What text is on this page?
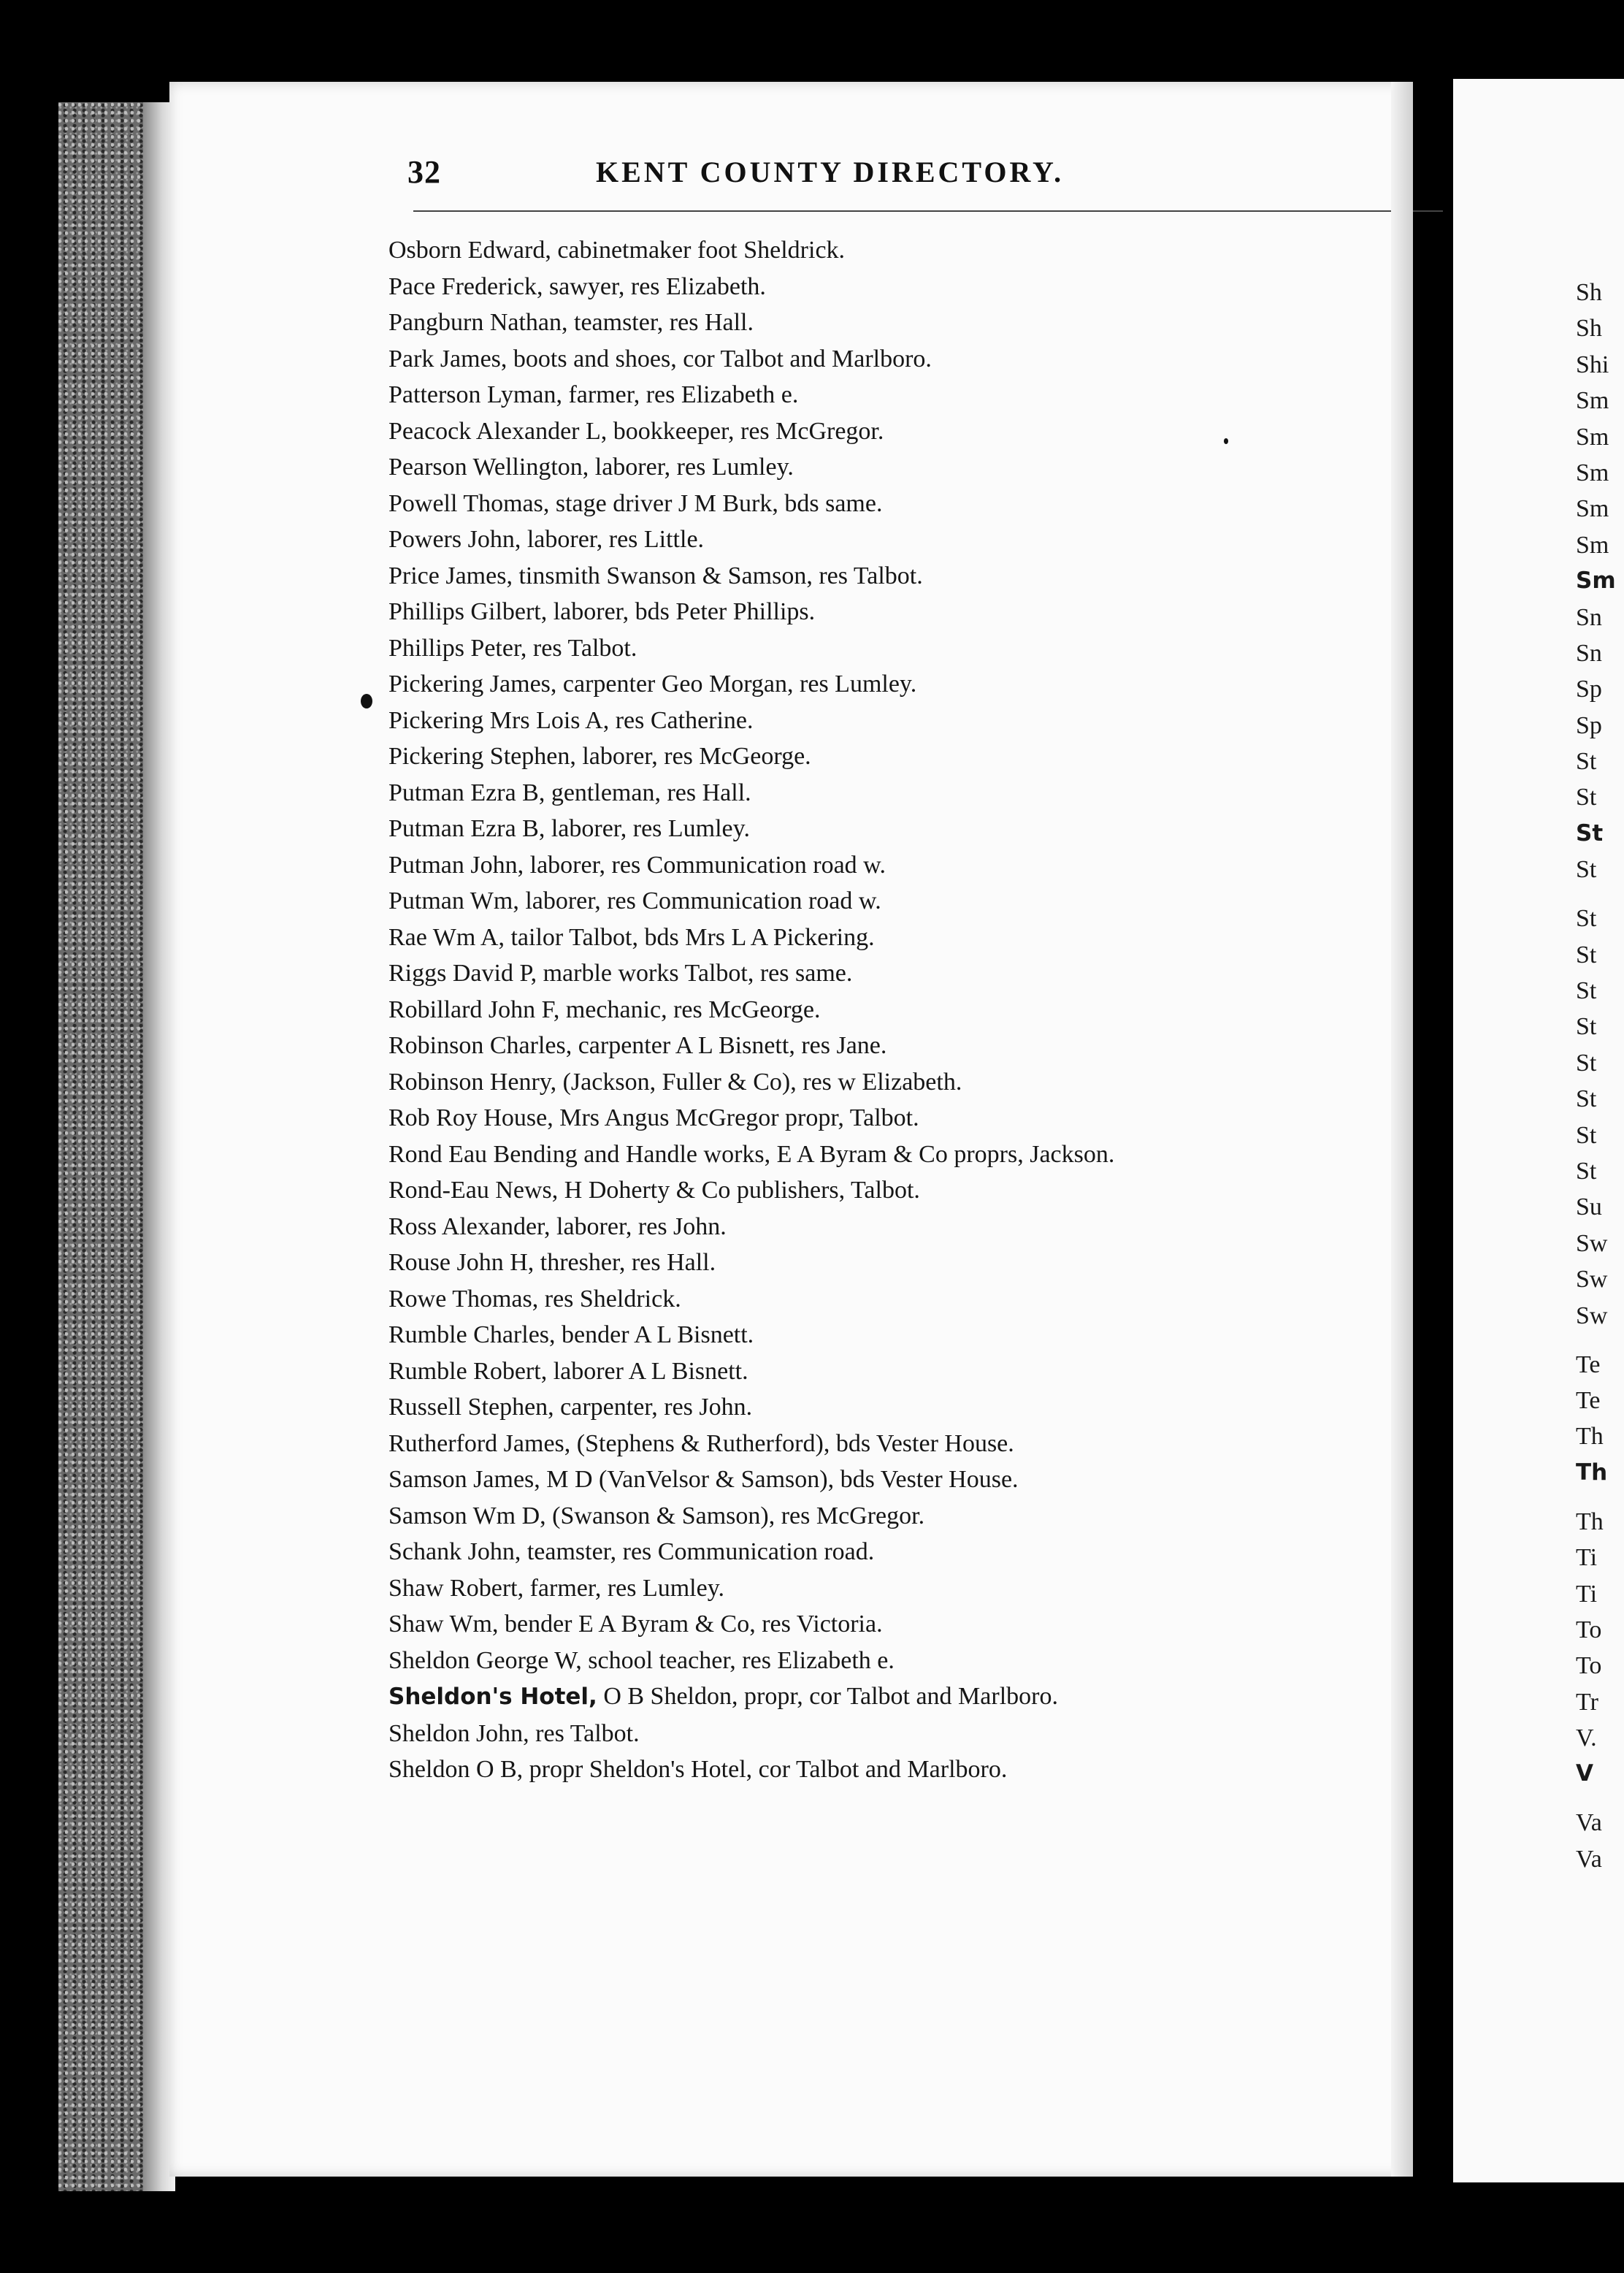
32	KENT COUNTY DIRECTORY.
Osborn Edward, cabinetmaker foot Sheldrick.
Pace Frederick, sawyer, res Elizabeth.
Pangburn Nathan, teamster, res Hall.
Park James, boots and shoes, cor Talbot and Marlboro.
Patterson Lyman, farmer, res Elizabeth e.
Peacock Alexander L, bookkeeper, res McGregor.
Pearson Wellington, laborer, res Lumley.
Powell Thomas, stage driver J M Burk, bds same.
Powers John, laborer, res Little.
Price James, tinsmith Swanson & Samson, res Talbot.
Phillips Gilbert, laborer, bds Peter Phillips.
Phillips Peter, res Talbot.
Pickering James, carpenter Geo Morgan, res Lumley.
Pickering Mrs Lois A, res Catherine.
Pickering Stephen, laborer, res McGeorge.
Putman Ezra B, gentleman, res Hall.
Putman Ezra B, laborer, res Lumley.
Putman John, laborer, res Communication road w.
Putman Wm, laborer, res Communication road w.
Rae Wm A, tailor Talbot, bds Mrs L A Pickering.
Riggs David P, marble works Talbot, res same.
Robillard John F, mechanic, res McGeorge.
Robinson Charles, carpenter A L Bisnett, res Jane.
Robinson Henry, (Jackson, Fuller & Co), res w Elizabeth.
Rob Roy House, Mrs Angus McGregor propr, Talbot.
Rond Eau Bending and Handle works, E A Byram & Co proprs, Jackson.
Rond-Eau News, H Doherty & Co publishers, Talbot.
Ross Alexander, laborer, res John.
Rouse John H, thresher, res Hall.
Rowe Thomas, res Sheldrick.
Rumble Charles, bender A L Bisnett.
Rumble Robert, laborer A L Bisnett.
Russell Stephen, carpenter, res John.
Rutherford James, (Stephens & Rutherford), bds Vester House.
Samson James, M D (VanVelsor & Samson), bds Vester House.
Samson Wm D, (Swanson & Samson), res McGregor.
Schank John, teamster, res Communication road.
Shaw Robert, farmer, res Lumley.
Shaw Wm, bender E A Byram & Co, res Victoria.
Sheldon George W, school teacher, res Elizabeth e.
Sheldon's Hotel, O B Sheldon, propr, cor Talbot and Marlboro.
Sheldon John, res Talbot.
Sheldon O B, propr Sheldon's Hotel, cor Talbot and Marlboro.
Sh
Sh
Shi
Sm
Sm
Sm
Sm
Sm
Sm
Sn
Sn
Sp
Sp
St
St
St
St
St
St
St
St
St
St
St
St
Su
Sw
Sw
Sw
Te
Te
Th
Th
Th
Ti
Ti
To
To
Tr
V.
V
Va
Va
